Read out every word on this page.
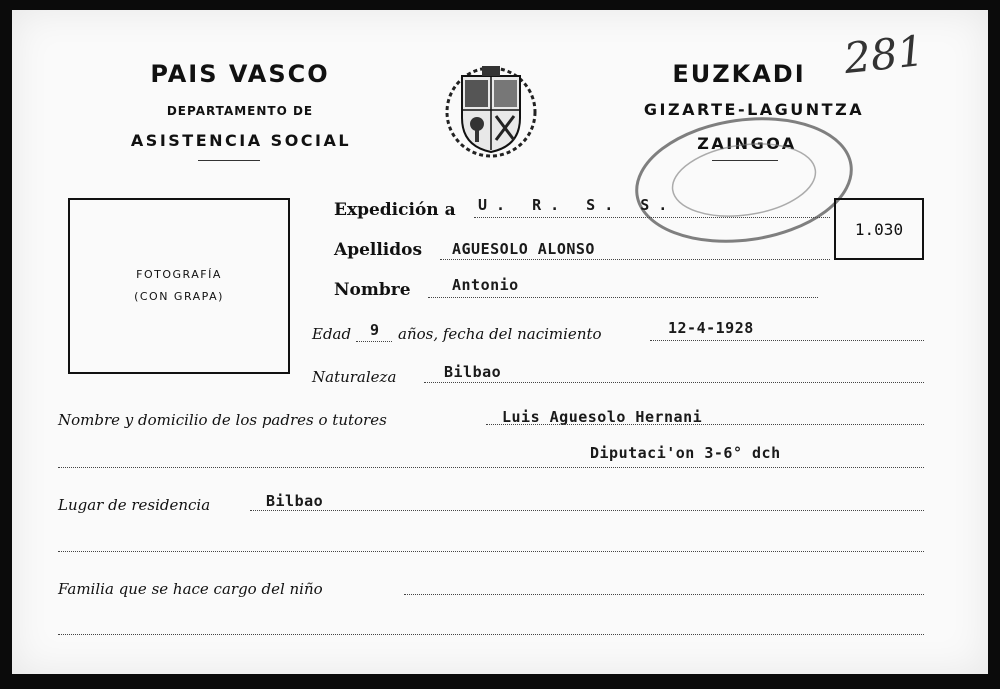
PAIS VASCO
DEPARTAMENTO DE
ASISTENCIA SOCIAL
EUZKADI
GIZARTE-LAGUNTZA
ZAINGOA
281
1.030
FOTOGRAFÍA
(CON GRAPA)
Expedición a U. R. S. S.
Apellidos AGUESOLO ALONSO
Nombre	Antonio
Edad 9 años, fecha del nacimiento	12-4-1928
Naturaleza	Bilbao
Nombre y domicilio de los padres o tutores	Luis Aguesolo Hernani
Diputaci'on 3-6° dch
Lugar de residencia	Bilbao
Familia que se hace cargo del niño
